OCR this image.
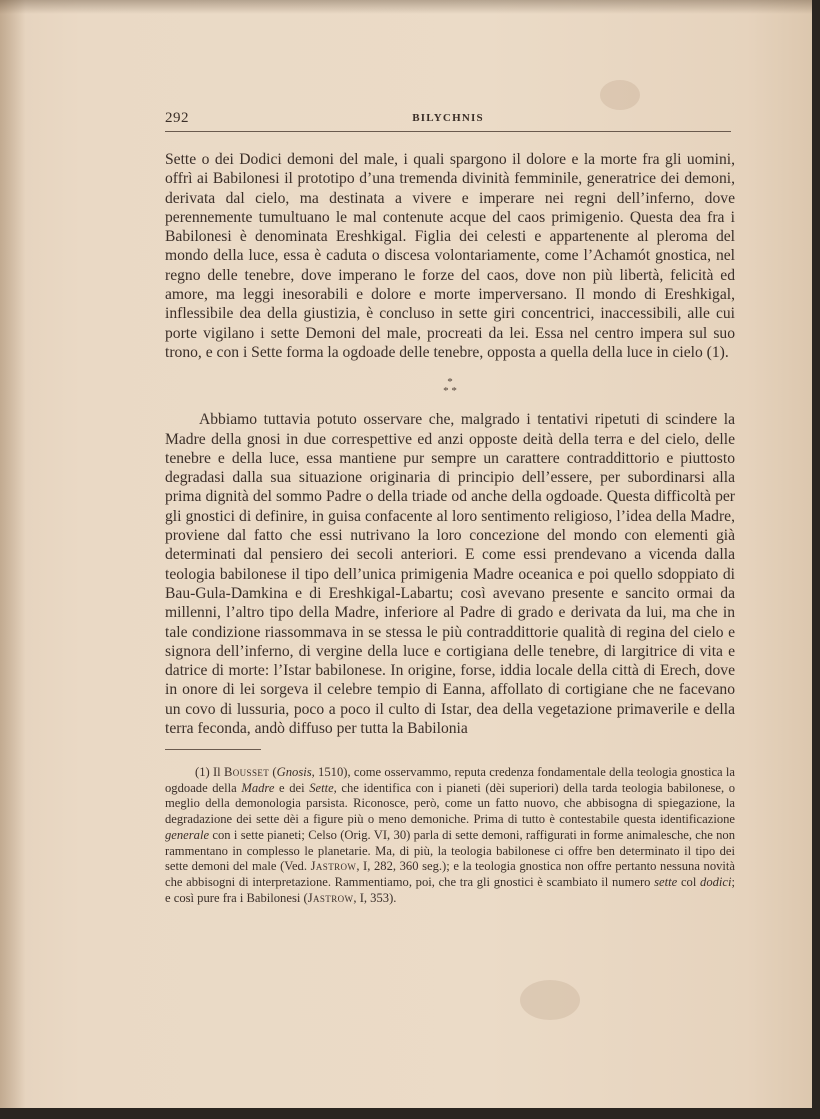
292	BILYCHNIS

Sette o dei Dodici demoni del male, i quali spargono il dolore e la morte fra gli uomini, offrì ai Babilonesi il prototipo d’una tremenda divinità femminile, generatrice dei demoni, derivata dal cielo, ma destinata a vivere e imperare nei regni dell’inferno, dove perennemente tumultuano le mal contenute acque del caos primigenio. Questa dea fra i Babilonesi è denominata Ereshkigal. Figlia dei celesti e appartenente al pleroma del mondo della luce, essa è caduta o discesa volontariamente, come l’Achamót gnostica, nel regno delle tenebre, dove imperano le forze del caos, dove non più libertà, felicità ed amore, ma leggi inesorabili e dolore e morte imperversano. Il mondo di Ereshkigal, inflessibile dea della giustizia, è concluso in sette giri concentrici, inaccessibili, alle cui porte vigilano i sette Demoni del male, procreati da lei. Essa nel centro impera sul suo trono, e con i Sette forma la ogdoade delle tenebre, opposta a quella della luce in cielo (1).

*
* *

Abbiamo tuttavia potuto osservare che, malgrado i tentativi ripetuti di scindere la Madre della gnosi in due correspettive ed anzi opposte deità della terra e del cielo, delle tenebre e della luce, essa mantiene pur sempre un carattere contraddittorio e piuttosto degradasi dalla sua situazione originaria di principio dell’essere, per subordinarsi alla prima dignità del sommo Padre o della triade od anche della ogdoade. Questa difficoltà per gli gnostici di definire, in guisa confacente al loro sentimento religioso, l’idea della Madre, proviene dal fatto che essi nutrivano la loro concezione del mondo con elementi già determinati dal pensiero dei secoli anteriori. E come essi prendevano a vicenda dalla teologia babilonese il tipo dell’unica primigenia Madre oceanica e poi quello sdoppiato di Bau-Gula-Damkina e di Ereshkigal-Labartu; così avevano presente e sancito ormai da millenni, l’altro tipo della Madre, inferiore al Padre di grado e derivata da lui, ma che in tale condizione riassommava in se stessa le più contraddittorie qualità di regina del cielo e signora dell’inferno, di vergine della luce e cortigiana delle tenebre, di largitrice di vita e datrice di morte: l’Istar babilonese. In origine, forse, iddia locale della città di Erech, dove in onore di lei sorgeva il celebre tempio di Eanna, affollato di cortigiane che ne facevano un covo di lussuria, poco a poco il culto di Istar, dea della vegetazione primaverile e della terra feconda, andò diffuso per tutta la Babilonia

(1) Il Bousset (Gnosis, 1510), come osservammo, reputa credenza fondamentale della teologia gnostica la ogdoade della Madre e dei Sette, che identifica con i pianeti (dèi superiori) della tarda teologia babilonese, o meglio della demonologia parsista. Riconosce, però, come un fatto nuovo, che abbisogna di spiegazione, la degradazione dei sette dèi a figure più o meno demoniche. Prima di tutto è contestabile questa identificazione generale con i sette pianeti; Celso (Orig. VI, 30) parla di sette demoni, raffigurati in forme animalesche, che non rammentano in complesso le planetarie. Ma, di più, la teologia babilonese ci offre ben determinato il tipo dei sette demoni del male (Ved. Jastrow, I, 282, 360 seg.); e la teologia gnostica non offre pertanto nessuna novità che abbisogni di interpretazione. Rammentiamo, poi, che tra gli gnostici è scambiato il numero sette col dodici; e così pure fra i Babilonesi (Jastrow, I, 353).
